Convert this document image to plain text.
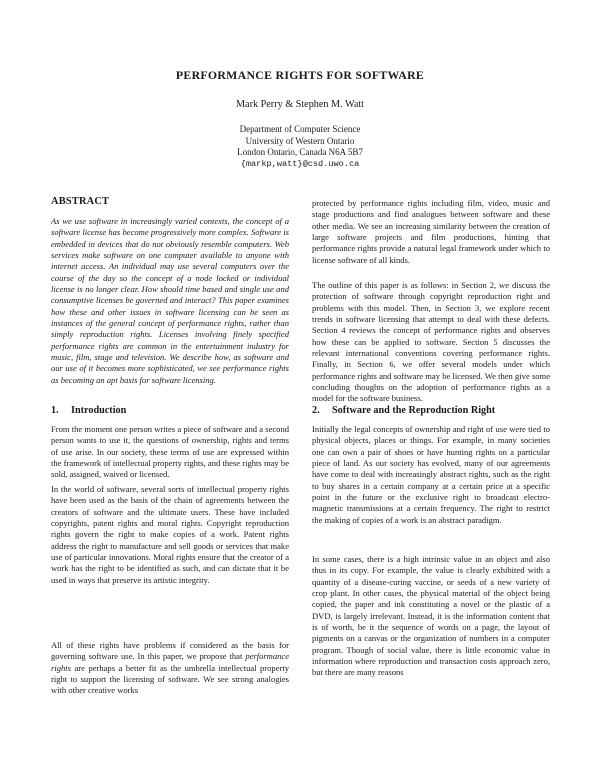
PERFORMANCE RIGHTS FOR SOFTWARE
Mark Perry & Stephen M. Watt
Department of Computer Science
University of Western Ontario
London Ontario, Canada N6A 5B7
{markp,watt}@csd.uwo.ca
ABSTRACT
As we use software in increasingly varied contexts, the concept of a software license has become progressively more complex. Software is embedded in devices that do not obviously resemble computers. Web services make software on one computer available to anyone with internet access. An individual may use several computers over the course of the day so the concept of a node locked or individual license is no longer clear. How should time based and single use and consumptive licenses be governed and interact? This paper examines how these and other issues in software licensing can be seen as instances of the general concept of performance rights, rather than simply reproduction rights. Licenses involving finely specified performance rights are common in the entertainment industry for music, film, stage and television. We describe how, as software and our use of it becomes more sophisticated, we see performance rights as becoming an apt basis for software licensing.
1. Introduction
From the moment one person writes a piece of software and a second person wants to use it, the questions of ownership, rights and terms of use arise. In our society, these terms of use are expressed within the framework of intellectual property rights, and these rights may be sold, assigned, waived or licensed.
In the world of software, several sorts of intellectual property rights have been used as the basis of the chain of agreements between the creators of software and the ultimate users. These have included copyrights, patent rights and moral rights. Copyright reproduction rights govern the right to make copies of a work. Patent rights address the right to manufacture and sell goods or services that make use of particular innovations. Moral rights ensure that the creator of a work has the right to be identified as such, and can dictate that it be used in ways that preserve its artistic integrity.
All of these rights have problems if considered as the basis for governing software use. In this paper, we propose that performance rights are perhaps a better fit as the umbrella intellectual property right to support the licensing of software. We see strong analogies with other creative works
protected by performance rights including film, video, music and stage productions and find analogues between software and these other media. We see an increasing similarity between the creation of large software projects and film productions, hinting that performance rights provide a natural legal framework under which to license software of all kinds.
The outline of this paper is as follows: in Section 2, we discuss the protection of software through copyright reproduction right and problems with this model. Then, in Section 3, we explore recent trends in software licensing that attempt to deal with these defects. Section 4 reviews the concept of performance rights and observes how these can be applied to software. Section 5 discusses the relevant international conventions covering performance rights. Finally, in Section 6, we offer several models under which performance rights and software may be licensed. We then give some concluding thoughts on the adoption of performance rights as a model for the software business.
2. Software and the Reproduction Right
Initially the legal concepts of ownership and right of use were tied to physical objects, places or things. For example, in many societies one can own a pair of shoes or have hunting rights on a particular piece of land. As our society has evolved, many of our agreements have come to deal with increasingly abstract rights, such as the right to buy shares in a certain company at a certain price at a specific point in the future or the exclusive right to broadcast electro-magnetic transmissions at a certain frequency. The right to restrict the making of copies of a work is an abstract paradigm.
In some cases, there is a high intrinsic value in an object and also thus in its copy. For example, the value is clearly exhibited with a quantity of a disease-curing vaccine, or seeds of a new variety of crop plant. In other cases, the physical material of the object being copied, the paper and ink constituting a novel or the plastic of a DVD, is largely irrelevant. Instead, it is the information content that is of worth, be it the sequence of words on a page, the layout of pigments on a canvas or the organization of numbers in a computer program. Though of social value, there is little economic value in information where reproduction and transaction costs approach zero, but there are many reasons
